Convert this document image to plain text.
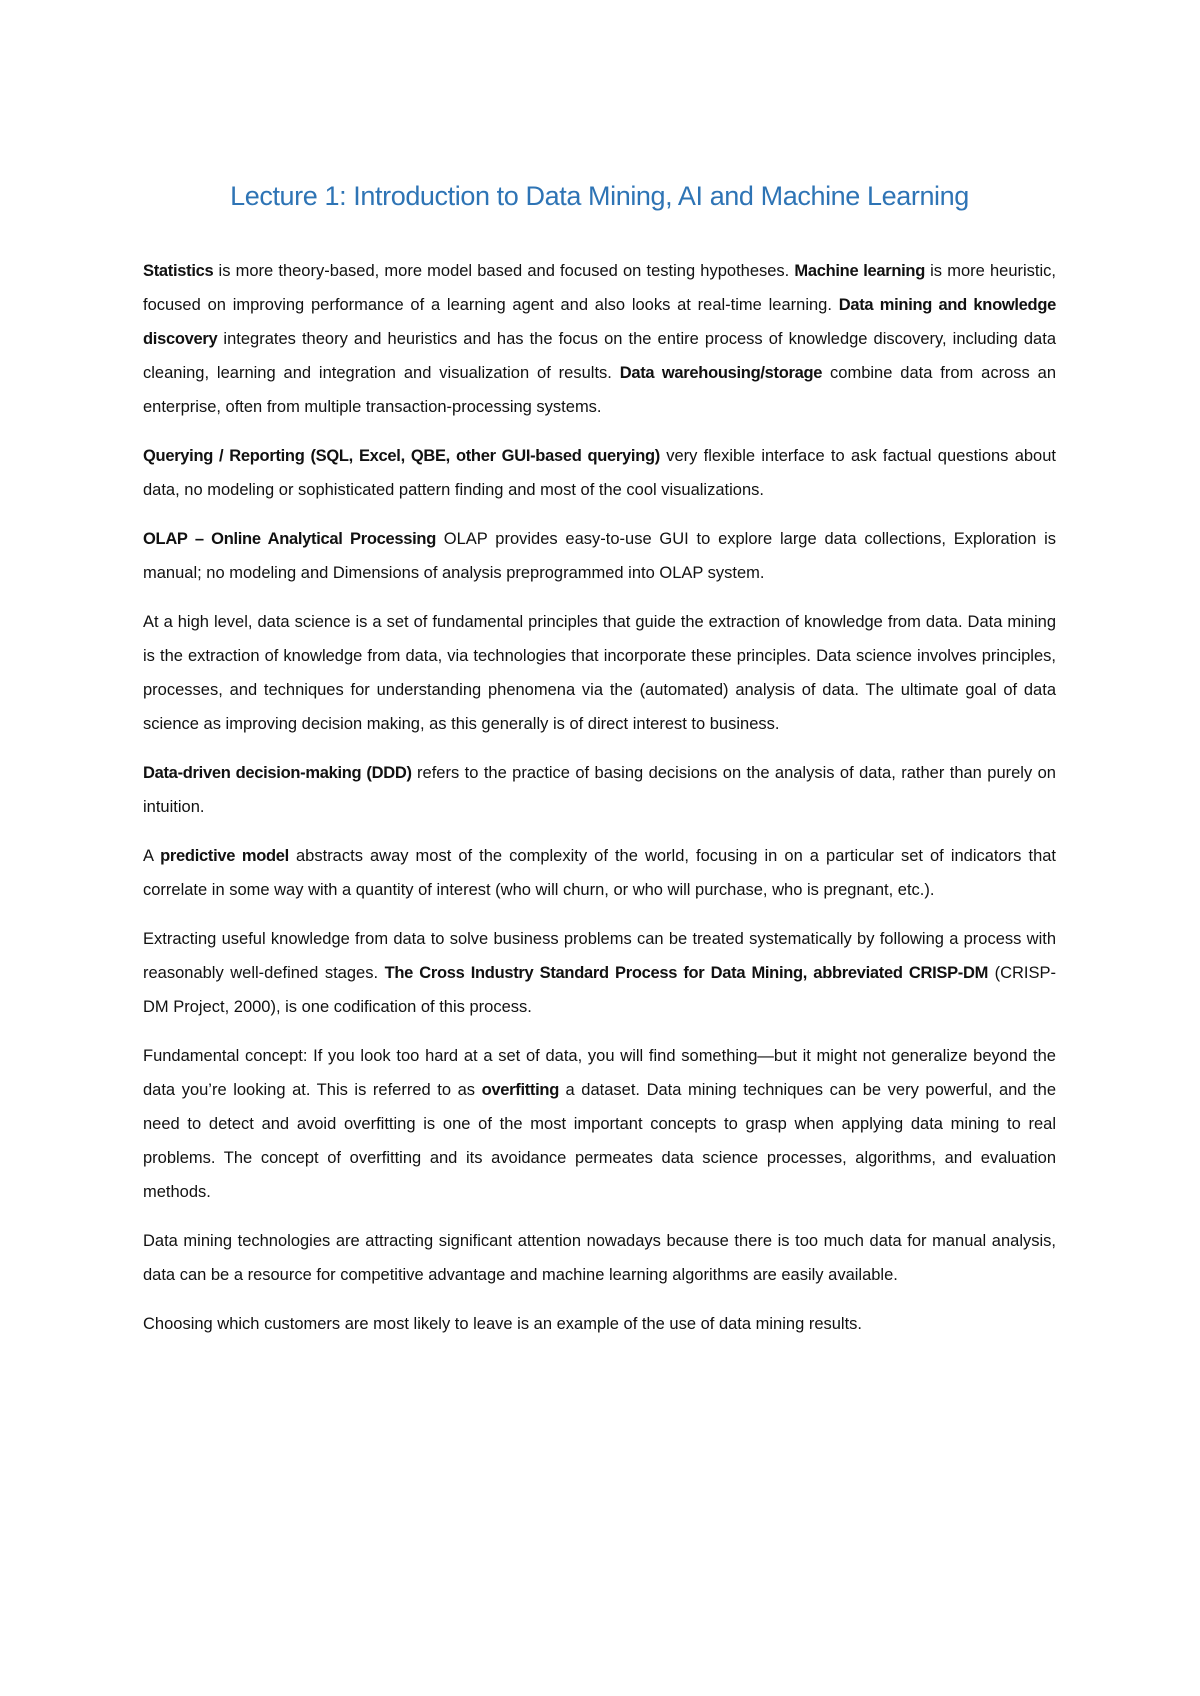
Lecture 1: Introduction to Data Mining, AI and Machine Learning

Statistics is more theory-based, more model based and focused on testing hypotheses. Machine learning is more heuristic, focused on improving performance of a learning agent and also looks at real-time learning. Data mining and knowledge discovery integrates theory and heuristics and has the focus on the entire process of knowledge discovery, including data cleaning, learning and integration and visualization of results. Data warehousing/storage combine data from across an enterprise, often from multiple transaction-processing systems.

Querying / Reporting (SQL, Excel, QBE, other GUI-based querying) very flexible interface to ask factual questions about data, no modeling or sophisticated pattern finding and most of the cool visualizations.

OLAP – Online Analytical Processing OLAP provides easy-to-use GUI to explore large data collections, Exploration is manual; no modeling and Dimensions of analysis preprogrammed into OLAP system.

At a high level, data science is a set of fundamental principles that guide the extraction of knowledge from data. Data mining is the extraction of knowledge from data, via technologies that incorporate these principles. Data science involves principles, processes, and techniques for understanding phenomena via the (automated) analysis of data. The ultimate goal of data science as improving decision making, as this generally is of direct interest to business.

Data-driven decision-making (DDD) refers to the practice of basing decisions on the analysis of data, rather than purely on intuition.

A predictive model abstracts away most of the complexity of the world, focusing in on a particular set of indicators that correlate in some way with a quantity of interest (who will churn, or who will purchase, who is pregnant, etc.).

Extracting useful knowledge from data to solve business problems can be treated systematically by following a process with reasonably well-defined stages. The Cross Industry Standard Process for Data Mining, abbreviated CRISP-DM (CRISP-DM Project, 2000), is one codification of this process.

Fundamental concept: If you look too hard at a set of data, you will find something—but it might not generalize beyond the data you’re looking at. This is referred to as overfitting a dataset. Data mining techniques can be very powerful, and the need to detect and avoid overfitting is one of the most important concepts to grasp when applying data mining to real problems. The concept of overfitting and its avoidance permeates data science processes, algorithms, and evaluation methods.

Data mining technologies are attracting significant attention nowadays because there is too much data for manual analysis, data can be a resource for competitive advantage and machine learning algorithms are easily available.

Choosing which customers are most likely to leave is an example of the use of data mining results.
